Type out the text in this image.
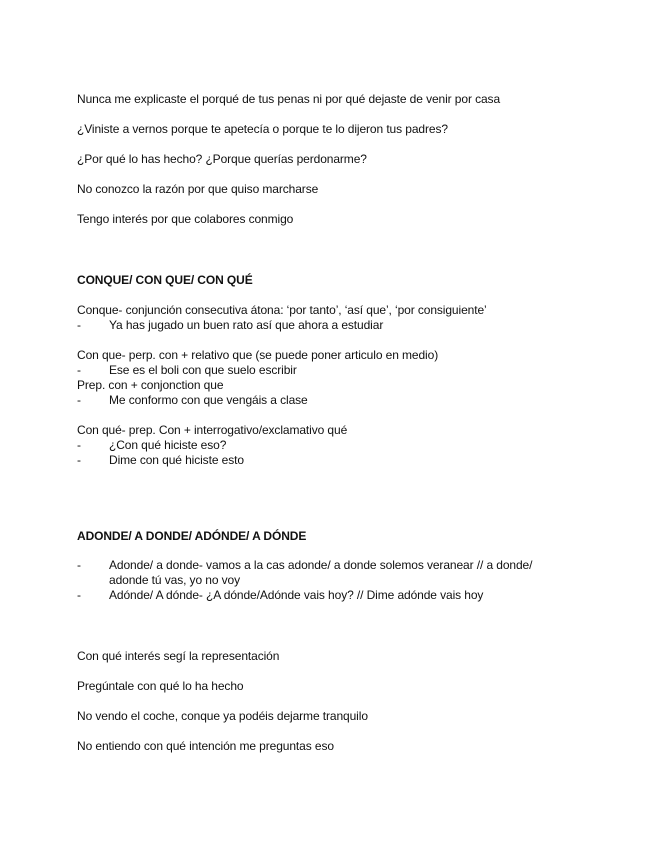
Nunca me explicaste el porqué de tus penas ni por qué dejaste de venir por casa

¿Viniste a vernos porque te apetecía o porque te lo dijeron tus padres?

¿Por qué lo has hecho? ¿Porque querías perdonarme?

No conozco la razón por que quiso marcharse

Tengo interés por que colabores conmigo

CONQUE/ CON QUE/ CON QUÉ

Conque- conjunción consecutiva átona: ‘por tanto’, ‘así que’, ‘por consiguiente’

- Ya has jugado un buen rato así que ahora a estudiar

Con que- perp. con + relativo que (se puede poner articulo en medio)

- Ese es el boli con que suelo escribir

Prep. con + conjonction que

- Me conformo con que vengáis a clase

Con qué- prep. Con + interrogativo/exclamativo qué

- ¿Con qué hiciste eso?
- Dime con qué hiciste esto

ADONDE/ A DONDE/ ADÓNDE/ A DÓNDE

- Adonde/ a donde- vamos a la cas adonde/ a donde solemos veranear // a donde/
adonde tú vas, yo no voy
- Adónde/ A dónde- ¿A dónde/Adónde vais hoy? // Dime adónde vais hoy

Con qué interés segí la representación

Pregúntale con qué lo ha hecho

No vendo el coche, conque ya podéis dejarme tranquilo

No entiendo con qué intención me preguntas eso
